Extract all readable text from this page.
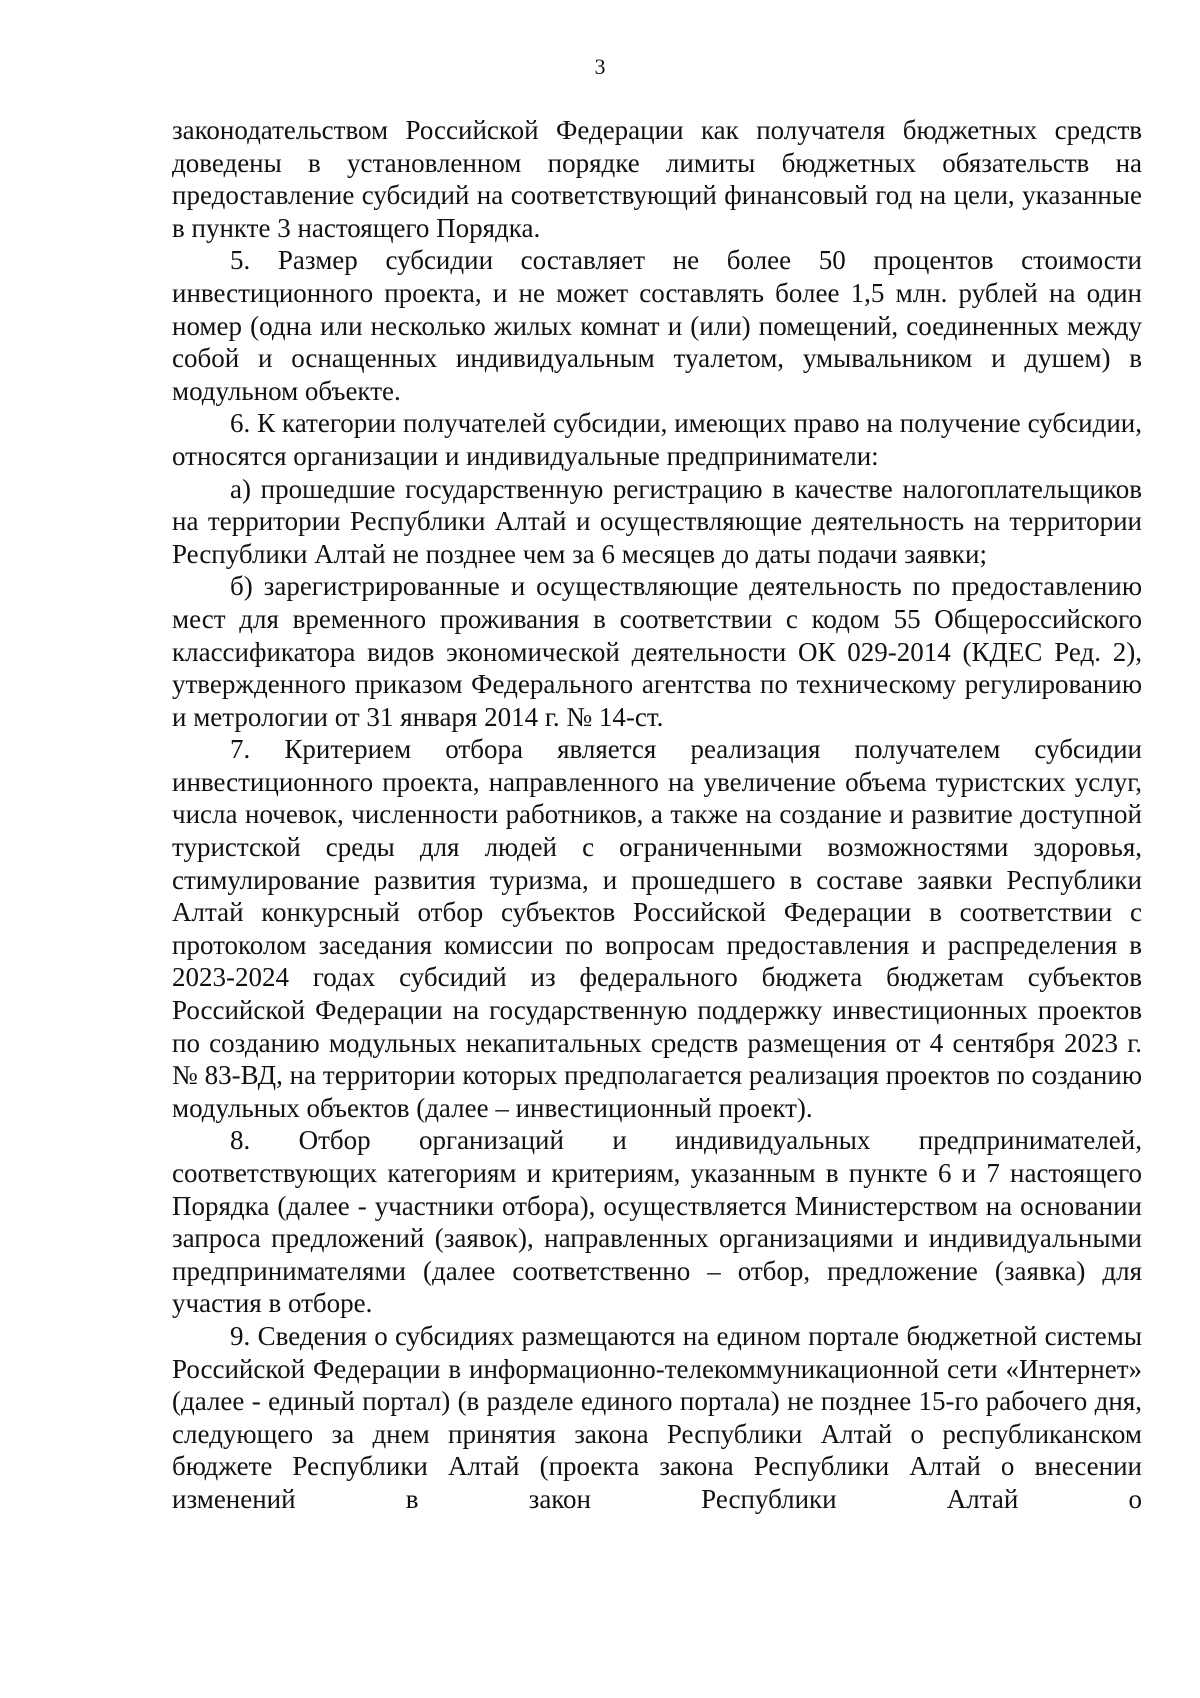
3

законодательством Российской Федерации как получателя бюджетных средств доведены в установленном порядке лимиты бюджетных обязательств на предоставление субсидий на соответствующий финансовый год на цели, указанные в пункте 3 настоящего Порядка.

5. Размер субсидии составляет не более 50 процентов стоимости инвестиционного проекта, и не может составлять более 1,5 млн. рублей на один номер (одна или несколько жилых комнат и (или) помещений, соединенных между собой и оснащенных индивидуальным туалетом, умывальником и душем) в модульном объекте.

6. К категории получателей субсидии, имеющих право на получение субсидии, относятся организации и индивидуальные предприниматели:

а) прошедшие государственную регистрацию в качестве налогоплательщиков на территории Республики Алтай и осуществляющие деятельность на территории Республики Алтай не позднее чем за 6 месяцев до даты подачи заявки;

б) зарегистрированные и осуществляющие деятельность по предоставлению мест для временного проживания в соответствии с кодом 55 Общероссийского классификатора видов экономической деятельности ОК 029-2014 (КДЕС Ред. 2), утвержденного приказом Федерального агентства по техническому регулированию и метрологии от 31 января 2014 г. № 14-ст.

7. Критерием отбора является реализация получателем субсидии инвестиционного проекта, направленного на увеличение объема туристских услуг, числа ночевок, численности работников, а также на создание и развитие доступной туристской среды для людей с ограниченными возможностями здоровья, стимулирование развития туризма, и прошедшего в составе заявки Республики Алтай конкурсный отбор субъектов Российской Федерации в соответствии с протоколом заседания комиссии по вопросам предоставления и распределения в 2023-2024 годах субсидий из федерального бюджета бюджетам субъектов Российской Федерации на государственную поддержку инвестиционных проектов по созданию модульных некапитальных средств размещения от 4 сентября 2023 г. № 83-ВД, на территории которых предполагается реализация проектов по созданию модульных объектов (далее – инвестиционный проект).

8. Отбор организаций и индивидуальных предпринимателей, соответствующих категориям и критериям, указанным в пункте 6 и 7 настоящего Порядка (далее - участники отбора), осуществляется Министерством на основании запроса предложений (заявок), направленных организациями и индивидуальными предпринимателями (далее соответственно – отбор, предложение (заявка) для участия в отборе.

9. Сведения о субсидиях размещаются на едином портале бюджетной системы Российской Федерации в информационно-телекоммуникационной сети «Интернет» (далее - единый портал) (в разделе единого портала) не позднее 15-го рабочего дня, следующего за днем принятия закона Республики Алтай о республиканском бюджете Республики Алтай (проекта закона Республики Алтай о внесении изменений в закон Республики Алтай о
